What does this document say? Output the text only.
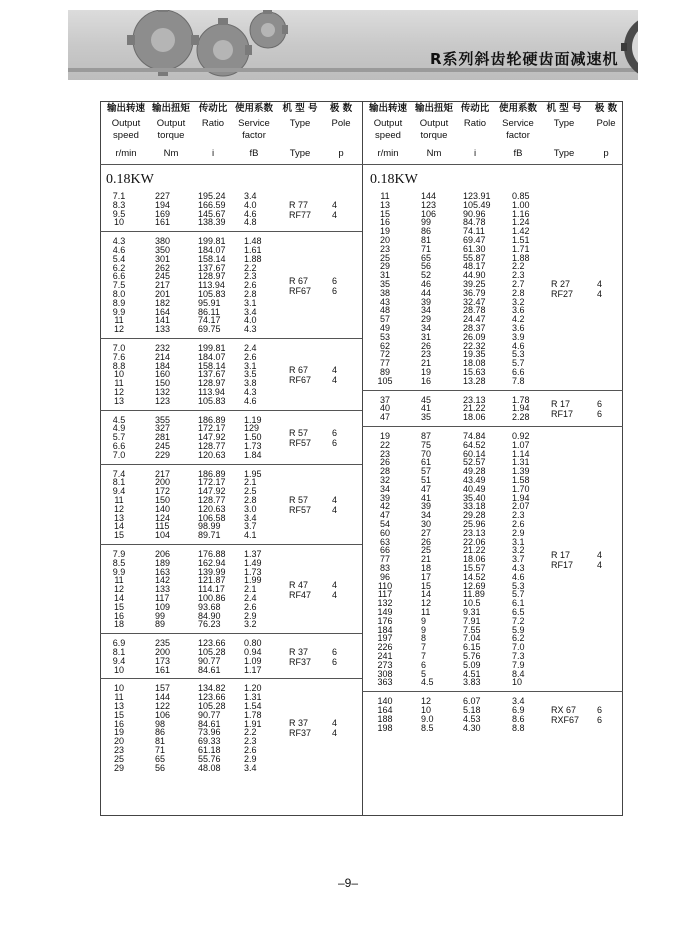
R系列斜齿轮硬齿面减速机
输出转速
Output speed
r/min
输出扭矩
Output torque
Nm
传动比
Ratio
i
使用系数
Service factor
fB
机 型 号
Type
Type
极 数
Pole
p
输出转速
Output speed
r/min
输出扭矩
Output torque
Nm
传动比
Ratio
i
使用系数
Service factor
fB
机 型 号
Type
Type
极 数
Pole
p
0.18KW	0.18KW
7.1
8.3
9.5
10
227
194
169
161
195.24
166.59
145.67
138.39
3.4
4.0
4.6
4.8
R 77
RF77
4
4
4.3
4.6
5.4
6.2
6.6
7.5
8.0
8.9
9.9
11
12
380
350
301
262
245
217
201
182
164
141
133
199.81
184.07
158.14
137.67
128.97
113.94
105.83
95.91
86.11
74.17
69.75
1.48
1.61
1.88
2.2
2.3
2.6
2.8
3.1
3.4
4.0
4.3
R 67
RF67
6
6
7.0
7.6
8.8
10
11
12
13
232
214
184
160
150
132
123
199.81
184.07
158.14
137.67
128.97
113.94
105.83
2.4
2.6
3.1
3.5
3.8
4.3
4.6
R 67
RF67
4
4
4.5
4.9
5.7
6.6
7.0
355
327
281
245
229
186.89
172.17
147.92
128.77
120.63
1.19
129
1.50
1.73
1.84
R 57
RF57
6
6
7.4
8.1
9.4
11
12
13
14
15
217
200
172
150
140
124
115
104
186.89
172.17
147.92
128.77
120.63
106.58
98.99
89.71
1.95
2.1
2.5
2.8
3.0
3.4
3.7
4.1
R 57
RF57
4
4
7.9
8.5
9.9
11
12
14
15
16
18
206
189
163
142
133
117
109
99
89
176.88
162.94
139.99
121.87
114.17
100.86
93.68
84.90
76.23
1.37
1.49
1.73
1.99
2.1
2.4
2.6
2.9
3.2
R 47
RF47
4
4
6.9
8.1
9.4
10
235
200
173
161
123.66
105.28
90.77
84.61
0.80
0.94
1.09
1.17
R 37
RF37
6
6
10
11
13
15
16
19
20
23
25
29
157
144
122
106
98
86
81
71
65
56
134.82
123.66
105.28
90.77
84.61
73.96
69.33
61.18
55.76
48.08
1.20
1.31
1.54
1.78
1.91
2.2
2.3
2.6
2.9
3.4
R 37
RF37
4
4
11
13
15
16
19
20
23
25
29
31
35
38
43
48
57
49
53
62
72
77
89
105
144
123
106
99
86
81
71
65
56
52
46
44
39
34
29
34
31
26
23
21
19
16
123.91
105.49
90.96
84.78
74.11
69.47
61.30
55.87
48.17
44.90
39.25
36.79
32.47
28.78
24.47
28.37
26.09
22.32
19.35
18.08
15.63
13.28
0.85
1.00
1.16
1.24
1.42
1.51
1.71
1.88
2.2
2.3
2.7
2.8
3.2
3.6
4.2
3.6
3.9
4.6
5.3
5.7
6.6
7.8
R 27
RF27
4
4
37
40
47
45
41
35
23.13
21.22
18.06
1.78
1.94
2.28
R 17
RF17
6
6
19
22
23
26
28
32
34
39
42
47
54
60
63
66
77
83
96
110
117
132
149
176
184
197
226
241
273
308
363
87
75
70
61
57
51
47
41
39
34
30
27
26
25
21
18
17
15
14
12
11
9
9
8
7
7
6
5
4.5
74.84
64.52
60.14
52.57
49.28
43.49
40.49
35.40
33.18
29.28
25.96
23.13
22.06
21.22
18.06
15.57
14.52
12.69
11.89
10.5
9.31
7.91
7.55
7.04
6.15
5.76
5.09
4.51
3.83
0.92
1.07
1.14
1.31
1.39
1.58
1.70
1.94
2.07
2.3
2.6
2.9
3.1
3.2
3.7
4.3
4.6
5.3
5.7
6.1
6.5
7.2
5.9
6.2
7.0
7.3
7.9
8.4
10
R 17
RF17
4
4
140
164
188
198
12
10
9.0
8.5
6.07
5.18
4.53
4.30
3.4
6.9
8.6
8.8
RX 67
RXF67
6
6
–9–
